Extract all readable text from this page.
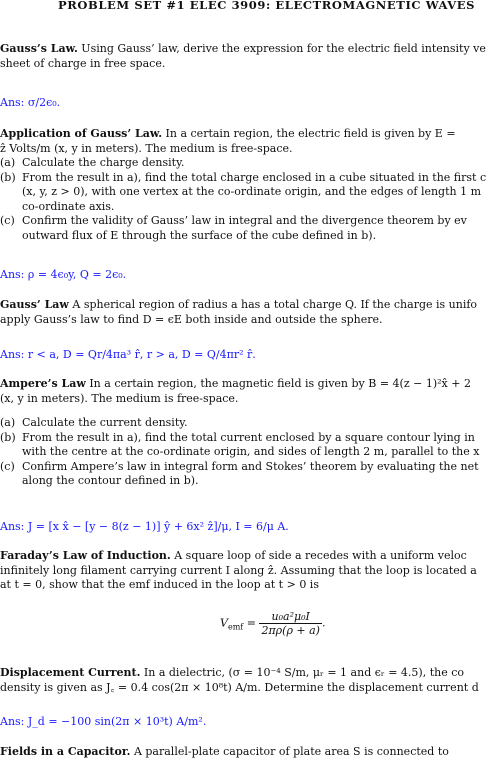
PROBLEM SET #1 ELEC 3909: ELECTROMAGNETIC WAVES

Gauss’s Law. Using Gauss’ law, derive the expression for the electric field intensity ve

sheet of charge in free space.

Ans: σ/2ϵ₀.

Application of Gauss’ Law. In a certain region, the electric field is given by E =

ẑ Volts/m (x, y in meters). The medium is free-space.

(a) Calculate the charge density.
(b) From the result in a), find the total charge enclosed in a cube situated in the first c
(x, y, z > 0), with one vertex at the co-ordinate origin, and the edges of length 1 m
co-ordinate axis.
(c) Confirm the validity of Gauss’ law in integral and the divergence theorem by ev
outward flux of E through the surface of the cube defined in b).
Ans: ρ = 4ϵ₀y, Q = 2ϵ₀.

Gauss’ Law A spherical region of radius a has a total charge Q. If the charge is unifo

apply Gauss’s law to find D = ϵE both inside and outside the sphere.

Ans: r < a, D = Qr/4πa³ r̂, r > a, D = Q/4πr² r̂.

Ampere’s Law In a certain region, the magnetic field is given by B = 4(z − 1)²x̂ + 2

(x, y in meters). The medium is free-space.

(a) Calculate the current density.
(b) From the result in a), find the total current enclosed by a square contour lying in
with the centre at the co-ordinate origin, and sides of length 2 m, parallel to the x
(c) Confirm Ampere’s law in integral form and Stokes’ theorem by evaluating the net
along the contour defined in b).
Ans: J = [x x̂ − [y − 8(z − 1)] ŷ + 6x² ẑ]/μ, I = 6/μ A.

Faraday’s Law of Induction. A square loop of side a recedes with a uniform veloc

infinitely long filament carrying current I along ẑ. Assuming that the loop is located a

at t = 0, show that the emf induced in the loop at t > 0 is

$V_{emf} = \frac{\text{u₀a²μ₀I}}{2\pi\rho(\rho + a)}$ .

Displacement Current. In a dielectric, (σ = 10⁻⁴ S/m, μᵣ = 1 and ϵᵣ = 4.5), the co

density is given as J꜀ = 0.4 cos(2π × 10⁸t) A/m. Determine the displacement current d

Ans: J_d = −100 sin(2π × 10³t) A/m².

Fields in a Capacitor. A parallel-plate capacitor of plate area S is connected to
